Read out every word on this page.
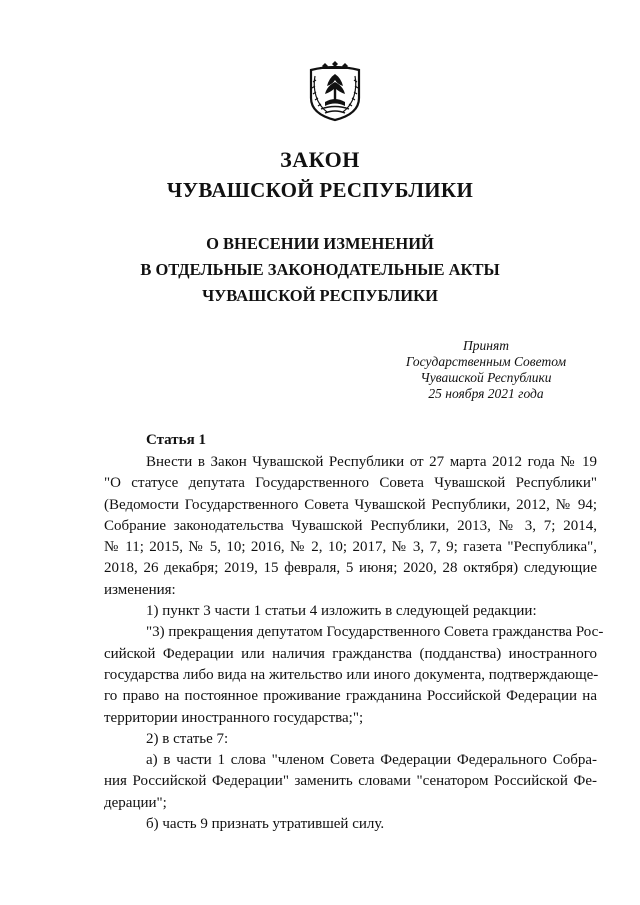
ЗАКОН
ЧУВАШСКОЙ РЕСПУБЛИКИ
О ВНЕСЕНИИ ИЗМЕНЕНИЙ
В ОТДЕЛЬНЫЕ ЗАКОНОДАТЕЛЬНЫЕ АКТЫ
ЧУВАШСКОЙ РЕСПУБЛИКИ
Принят
Государственным Советом
Чувашской Республики
25 ноября 2021 года
Статья 1
Внести в Закон Чувашской Республики от 27 марта 2012 года № 19
"О статусе депутата Государственного Совета Чувашской Республики"
(Ведомости Государственного Совета Чувашской Республики, 2012, № 94;
Собрание законодательства Чувашской Республики, 2013, № 3, 7; 2014,
№ 11; 2015, № 5, 10; 2016, № 2, 10; 2017, № 3, 7, 9; газета "Республика",
2018, 26 декабря; 2019, 15 февраля, 5 июня; 2020, 28 октября) следующие
изменения:
1) пункт 3 части 1 статьи 4 изложить в следующей редакции:
"3) прекращения депутатом Государственного Совета гражданства Рос-
сийской Федерации или наличия гражданства (подданства) иностранного
государства либо вида на жительство или иного документа, подтверждающе-
го право на постоянное проживание гражданина Российской Федерации на
территории иностранного государства;";
2) в статье 7:
а) в части 1 слова "членом Совета Федерации Федерального Собра-
ния Российской Федерации" заменить словами "сенатором Российской Фе-
дерации";
б) часть 9 признать утратившей силу.
